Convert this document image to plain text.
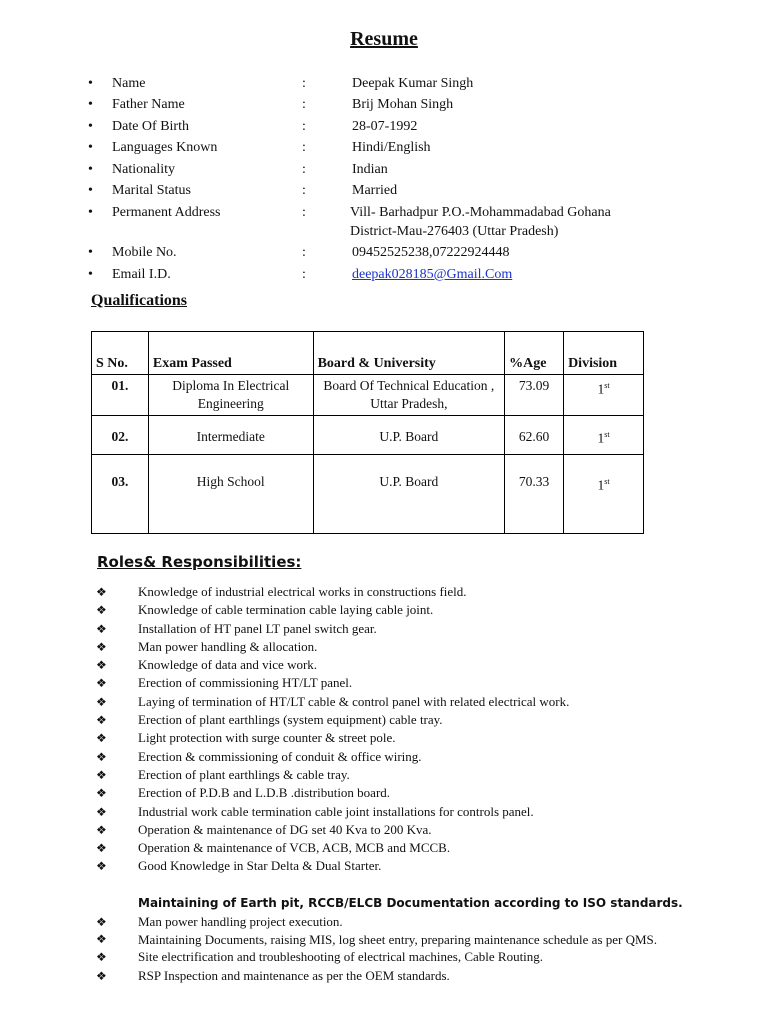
Resume
• Name	:	Deepak Kumar Singh
• Father Name	:	Brij Mohan Singh
• Date Of Birth	:	28-07-1992
• Languages Known	:	Hindi/English
• Nationality	:	Indian
• Marital Status	:	Married
• Permanent Address	:	Vill- Barhadpur P.O.-Mohammadabad Gohana
District-Mau-276403 (Uttar Pradesh)
• Mobile No.	:	09452525238,07222924448
• Email I.D.	:	deepak028185@Gmail.Com
Qualifications
S No.	Exam Passed	Board & University	%Age	Division
01.	Diploma In Electrical Engineering	Board Of Technical Education , Uttar Pradesh,	73.09	1st
02.	Intermediate	U.P. Board	62.60	1st
03.	High School	U.P. Board	70.33	1st
Roles& Responsibilities:
❖ Knowledge of industrial electrical works in constructions field.
❖ Knowledge of cable termination cable laying cable joint.
❖ Installation of HT panel LT panel switch gear.
❖ Man power handling & allocation.
❖ Knowledge of data and vice work.
❖ Erection of commissioning HT/LT panel.
❖ Laying of termination of HT/LT cable & control panel with related electrical work.
❖ Erection of plant earthlings (system equipment) cable tray.
❖ Light protection with surge counter & street pole.
❖ Erection & commissioning of conduit & office wiring.
❖ Erection of plant earthlings & cable tray.
❖ Erection of P.D.B and L.D.B .distribution board.
❖ Industrial work cable termination cable joint installations for controls panel.
❖ Operation & maintenance of DG set 40 Kva to 200 Kva.
❖ Operation & maintenance of VCB, ACB, MCB and MCCB.
❖ Good Knowledge in Star Delta & Dual Starter.
Maintaining of Earth pit, RCCB/ELCB Documentation according to ISO standards.
❖ Man power handling project execution.
❖ Maintaining Documents, raising MIS, log sheet entry, preparing maintenance schedule as per QMS.
❖ Site electrification and troubleshooting of electrical machines, Cable Routing.
❖ RSP Inspection and maintenance as per the OEM standards.
